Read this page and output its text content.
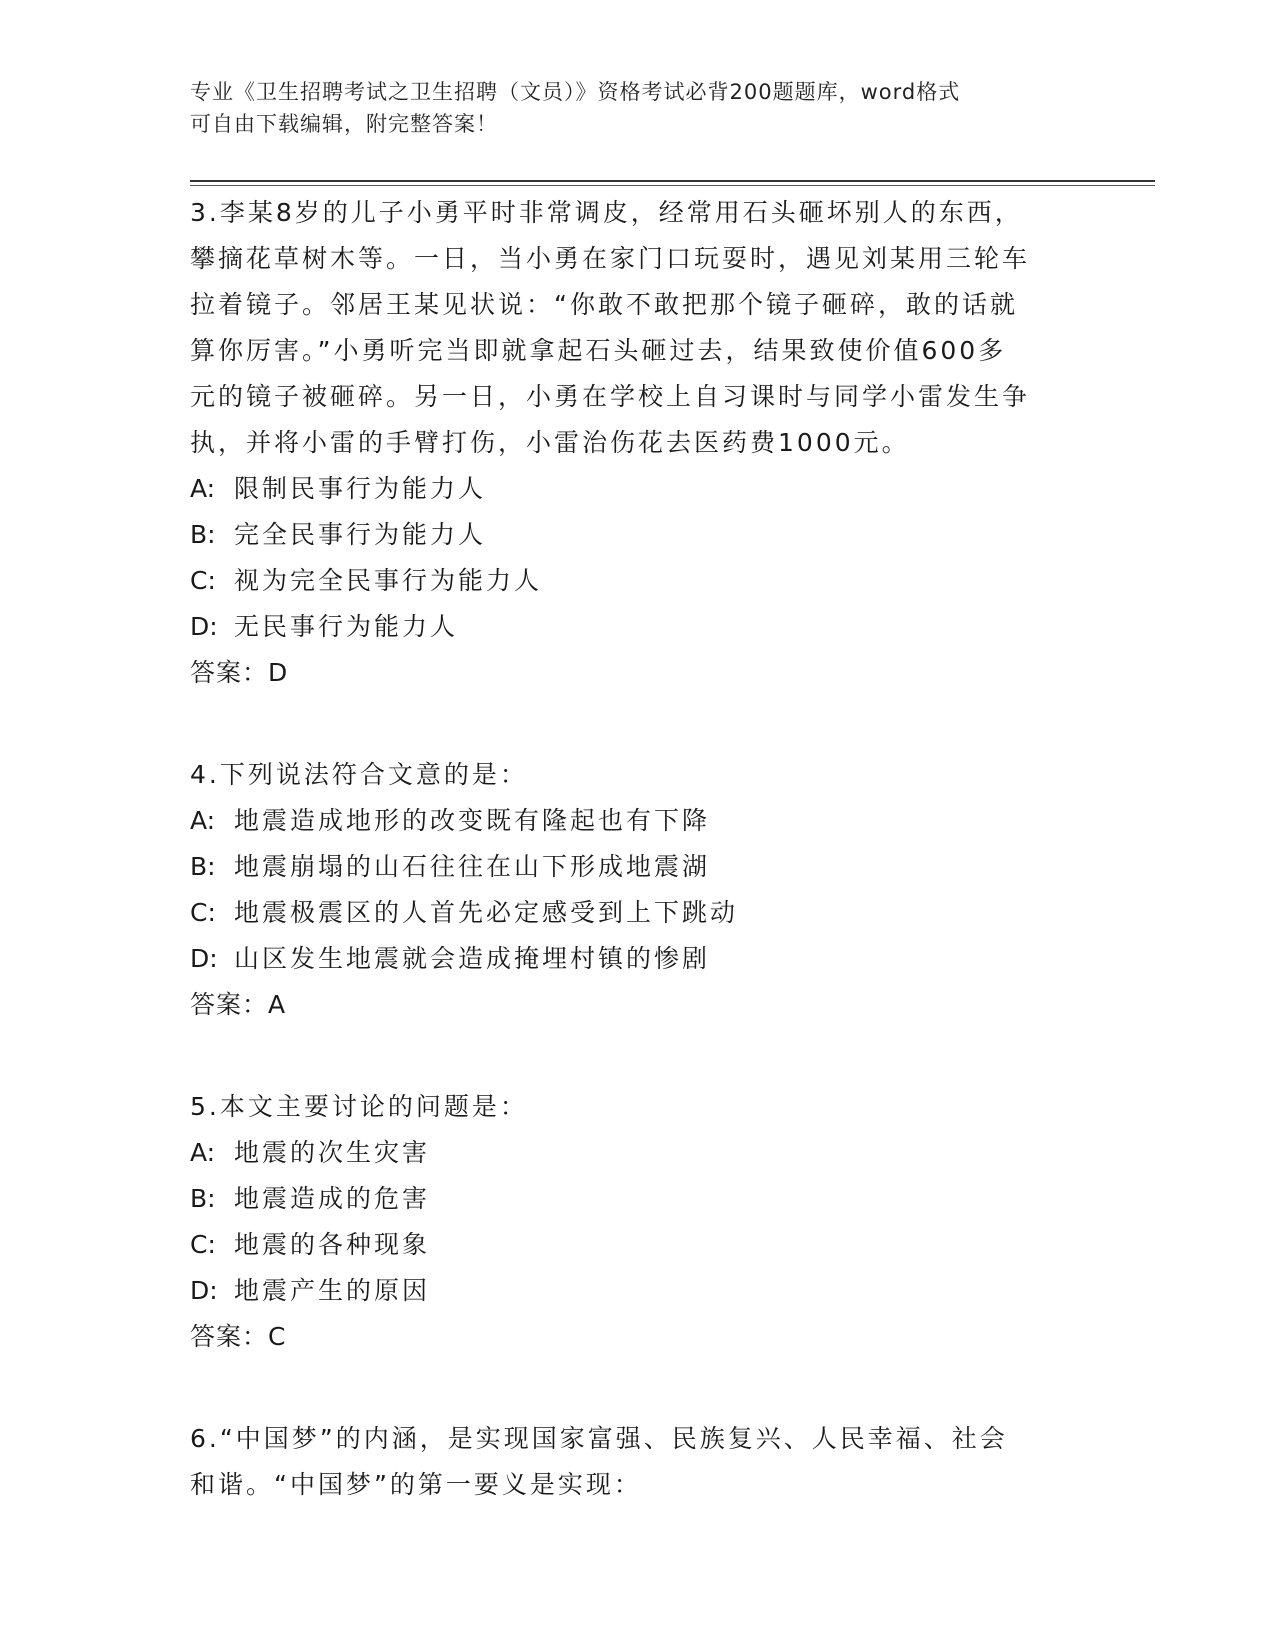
专业《卫生招聘考试之卫生招聘（文员）》资格考试必背200题题库，word格式
可自由下载编辑，附完整答案！
3.李某8岁的儿子小勇平时非常调皮，经常用石头砸坏别人的东西，
攀摘花草树木等。一日，当小勇在家门口玩耍时，遇见刘某用三轮车
拉着镜子。邻居王某见状说：“你敢不敢把那个镜子砸碎，敢的话就
算你厉害。”小勇听完当即就拿起石头砸过去，结果致使价值600多
元的镜子被砸碎。另一日，小勇在学校上自习课时与同学小雷发生争
执，并将小雷的手臂打伤，小雷治伤花去医药费1000元。
A: 限制民事行为能力人
B: 完全民事行为能力人
C: 视为完全民事行为能力人
D: 无民事行为能力人
答案：D
4.下列说法符合文意的是：
A: 地震造成地形的改变既有隆起也有下降
B: 地震崩塌的山石往往在山下形成地震湖
C: 地震极震区的人首先必定感受到上下跳动
D: 山区发生地震就会造成掩埋村镇的惨剧
答案：A
5.本文主要讨论的问题是：
A: 地震的次生灾害
B: 地震造成的危害
C: 地震的各种现象
D: 地震产生的原因
答案：C
6.“中国梦”的内涵，是实现国家富强、民族复兴、人民幸福、社会
和谐。“中国梦”的第一要义是实现：
